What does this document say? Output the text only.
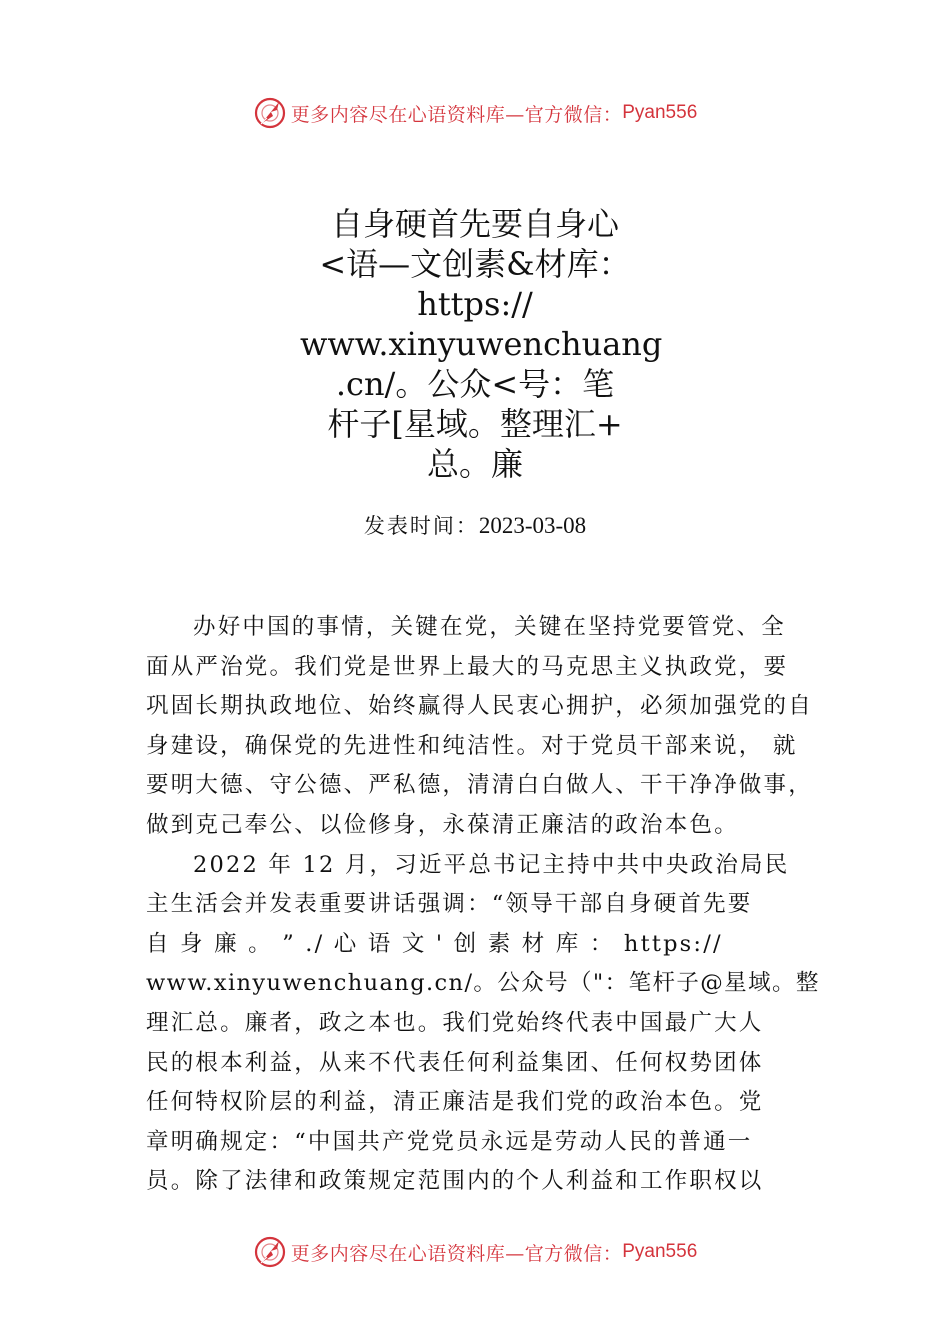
更多内容尽在心语资料库—官方微信： Pyan556
自身硬首先要自身心
<语—文创素&材库：
https://
www.xinyuwenchuang
.cn/。公众<号：笔
杆子[星域。整理汇+
总。廉
发表时间：2023-03-08
办好中国的事情，关键在党，关键在坚持党要管党、全
面从严治党。我们党是世界上最大的马克思主义执政党，要
巩固长期执政地位、始终赢得人民衷心拥护，必须加强党的自
身建设，确保党的先进性和纯洁性。对于党员干部来说， 就
要明大德、守公德、严私德，清清白白做人、干干净净做事，
做到克己奉公、以俭修身，永葆清正廉洁的政治本色。
2022 年 12 月，习近平总书记主持中共中央政治局民
主生活会并发表重要讲话强调：“领导干部自身硬首先要
自 身 廉 。 ” ./ 心 语 文 ' 创 素 材 库 ： https://
www.xinyuwenchuang.cn/。公众号（"：笔杆子@星域。整
理汇总。廉者，政之本也。我们党始终代表中国最广大人
民的根本利益，从来不代表任何利益集团、任何权势团体
任何特权阶层的利益，清正廉洁是我们党的政治本色。党
章明确规定：“中国共产党党员永远是劳动人民的普通一
员。除了法律和政策规定范围内的个人利益和工作职权以
更多内容尽在心语资料库—官方微信： Pyan556
